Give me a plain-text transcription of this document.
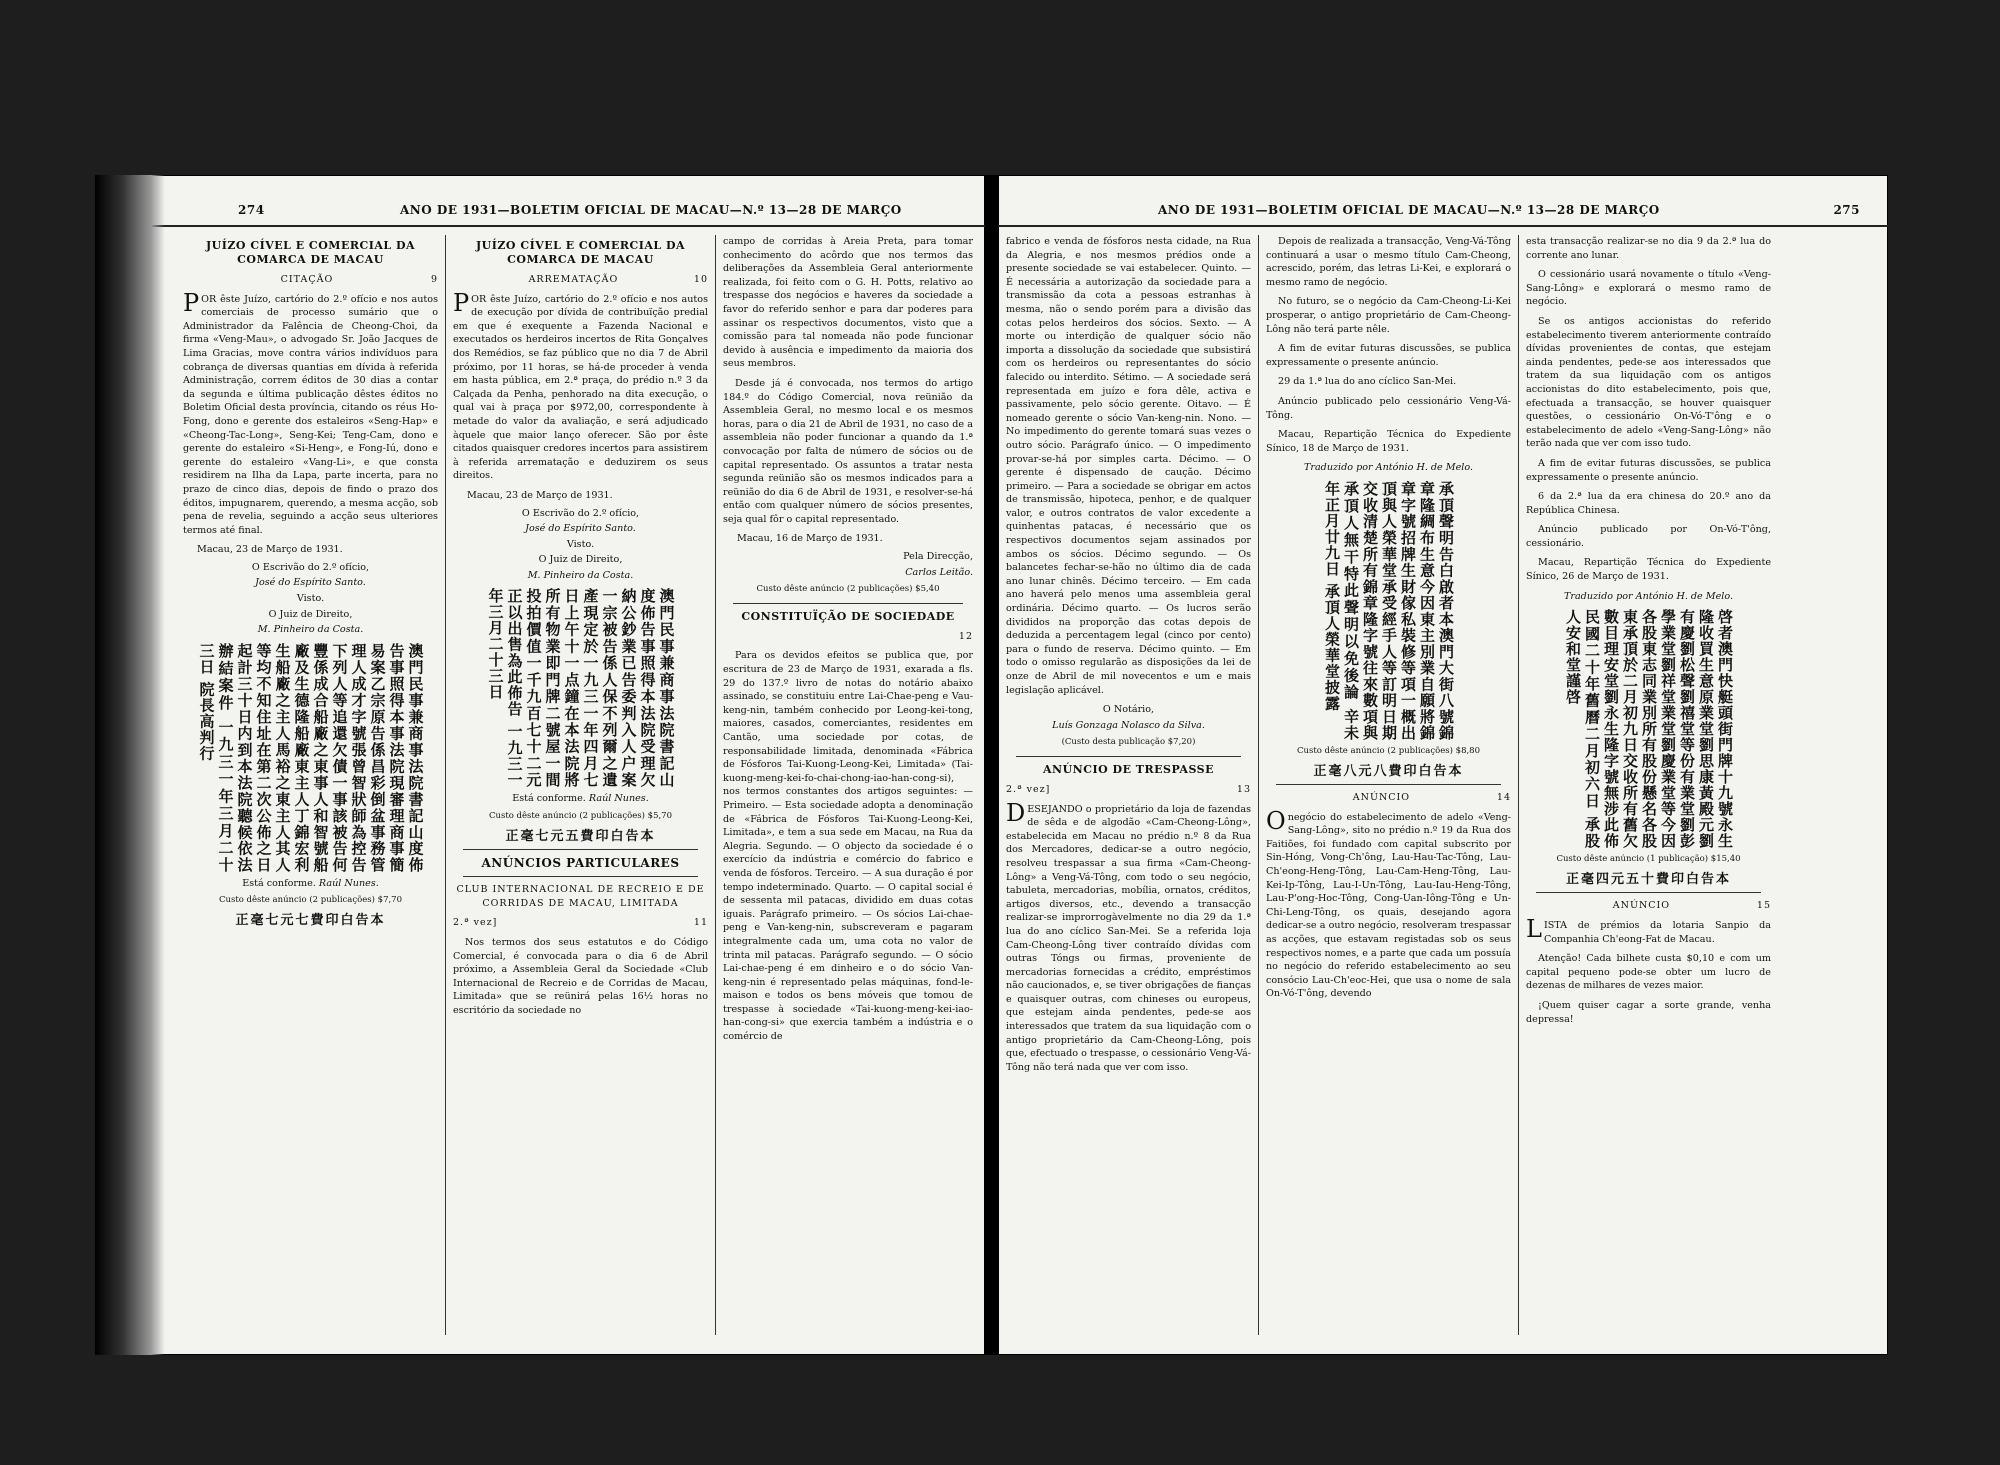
274	ANO DE 1931—BOLETIM OFICIAL DE MACAU—N.º 13—28 DE MARÇO
JUÍZO CÍVEL E COMERCIAL DA COMARCA DE MACAU
CITAÇÃO	9

POR êste Juízo, cartório do 2.º ofício e nos autos comerciais de processo sumário que o Administrador da Falência de Cheong-Choi, da firma «Veng-Mau», o advogado Sr. João Jacques de Lima Gracias, move contra vários indivíduos para cobrança de diversas quantias em dívida à referida Administração, correm éditos de 30 dias a contar da segunda e última publicação dêstes éditos no Boletim Oficial desta província, citando os réus Ho-Fong, dono e gerente dos estaleiros «Seng-Hap» e «Cheong-Tac-Long», Seng-Kei; Teng-Cam, dono e gerente do estaleiro «Si-Heng», e Fong-Iú, dono e gerente do estaleiro «Vang-Li», e que consta residirem na Ilha da Lapa, parte incerta, para no prazo de cinco dias, depois de findo o prazo dos éditos, impugnarem, querendo, a mesma acção, sob pena de revelia, seguindo a acção seus ulteriores termos até final.

Macau, 23 de Março de 1931.

O Escrivão do 2.º ofício,

José do Espírito Santo.

Visto.

O Juiz de Direito,

M. Pinheiro da Costa.

澳門民事兼商事法院書記山度佈告事照得本事法院現審理商事簡易案乙宗原告係昌彩倒盆事務管理人成才字號張曾智狀師為控告下列人等追還欠債一事該被告何豐係成合船廠之東事人和智號船廠及生德隆船廠東主人丁錦宏利生船廠之主人馬裕之東主人其人等均不知住址在第二次公佈之日起計三十日内到本法院聽候依法辦結案件 一九三一年三月二十三日 院長高判行

Está conforme. Raúl Nunes.

Custo dêste anúncio (2 publicações) $7,70

正毫七元七費印白告本

JUÍZO CÍVEL E COMERCIAL DA COMARCA DE MACAU
ARREMATAÇÃO	10

POR êste Juízo, cartório do 2.º ofício e nos autos de execução por dívida de contribuïção predial em que é exequente a Fazenda Nacional e executados os herdeiros incertos de Rita Gonçalves dos Remédios, se faz público que no dia 7 de Abril próximo, por 11 horas, se há-de proceder à venda em hasta pública, em 2.ª praça, do prédio n.º 3 da Calçada da Penha, penhorado na dita execução, o qual vai à praça por $972,00, correspondente à metade do valor da avaliação, e será adjudicado àquele que maior lanço oferecer. São por êste citados quaisquer credores incertos para assistirem à referida arrematação e deduzirem os seus direitos.

Macau, 23 de Março de 1931.

O Escrivão do 2.º ofício,

José do Espírito Santo.

Visto.

O Juiz de Direito,

M. Pinheiro da Costa.

澳門民事兼商事法院書記山度佈告事照得本法院受理欠納公鈔業已告委判入人户案一宗被告係人保不列爾之遺產現定於一九三一年四月七日上午十一点鐘在本法院將所有物業即門牌二號屋一間投拍價值一千九百七十二元正以出售為此佈告 一九三一年三月二十三日

Está conforme. Raúl Nunes.

Custo dêste anúncio (2 publicações) $5,70

正毫七元五費印白告本

ANÚNCIOS PARTICULARES
CLUB INTERNACIONAL DE RECREIO E DE CORRIDAS DE MACAU, LIMITADA
2.ª vez]	11

Nos termos dos seus estatutos e do Código Comercial, é convocada para o dia 6 de Abril próximo, a Assembleia Geral da Sociedade «Club Internacional de Recreio e de Corridas de Macau, Limitada» que se reünirá pelas 16½ horas no escritório da sociedade no

campo de corridas à Areia Preta, para tomar conhecimento do acôrdo que nos termos das deliberações da Assembleia Geral anteriormente realizada, foi feito com o G. H. Potts, relativo ao trespasse dos negócios e haveres da sociedade a favor do referido senhor e para dar poderes para assinar os respectivos documentos, visto que a comissão para tal nomeada não pode funcionar devido à ausência e impedimento da maioria dos seus membros.

Desde já é convocada, nos termos do artigo 184.º do Código Comercial, nova reünião da Assembleia Geral, no mesmo local e os mesmos horas, para o dia 21 de Abril de 1931, no caso de a assembleia não poder funcionar a quando da 1.ª convocação por falta de número de sócios ou de capital representado. Os assuntos a tratar nesta segunda reünião são os mesmos indicados para a reünião do dia 6 de Abril de 1931, e resolver-se-há então com qualquer número de sócios presentes, seja qual fôr o capital representado.

Macau, 16 de Março de 1931.

Pela Direcção,

Carlos Leitão.

Custo dêste anúncio (2 publicações) $5,40

CONSTITUÏÇÃO DE SOCIEDADE
12

Para os devidos efeitos se publica que, por escritura de 23 de Março de 1931, exarada a fls. 29 do 137.º livro de notas do notário abaixo assinado, se constituiu entre Lai-Chae-peng e Vau-keng-nin, também conhecido por Leong-kei-tong, maiores, casados, comerciantes, residentes em Cantão, uma sociedade por cotas, de responsabilidade limitada, denominada «Fábrica de Fósforos Tai-Kuong-Leong-Kei, Limitada» (Tai-kuong-meng-kei-fo-chai-chong-iao-han-cong-si), nos termos constantes dos artigos seguintes: — Primeiro. — Esta sociedade adopta a denominação de «Fábrica de Fósforos Tai-Kuong-Leong-Kei, Limitada», e tem a sua sede em Macau, na Rua da Alegria. Segundo. — O objecto da sociedade é o exercício da indústria e comércio do fabrico e venda de fósforos. Terceiro. — A sua duração é por tempo indeterminado. Quarto. — O capital social é de sessenta mil patacas, dividido em duas cotas iguais. Parágrafo primeiro. — Os sócios Lai-chae-peng e Van-keng-nin, subscreveram e pagaram integralmente cada um, uma cota no valor de trinta mil patacas. Parágrafo segundo. — O sócio Lai-chae-peng é em dinheiro e o do sócio Van-keng-nin é representado pelas máquinas, fond-le-maison e todos os bens móveis que tomou de trespasse à sociedade «Tai-kuong-meng-kei-iao-han-cong-si» que exercia também a indústria e o comércio de

ANO DE 1931—BOLETIM OFICIAL DE MACAU—N.º 13—28 DE MARÇO	275

fabrico e venda de fósforos nesta cidade, na Rua da Alegria, e nos mesmos prédios onde a presente sociedade se vai estabelecer. Quinto. — É necessária a autorização da sociedade para a transmissão da cota a pessoas estranhas à mesma, não o sendo porém para a divisão das cotas pelos herdeiros dos sócios. Sexto. — A morte ou interdição de qualquer sócio não importa a dissolução da sociedade que subsistirá com os herdeiros ou representantes do sócio falecido ou interdito. Sétimo. — A sociedade será representada em juízo e fora dêle, activa e passivamente, pelo sócio gerente. Oitavo. — É nomeado gerente o sócio Van-keng-nin. Nono. — No impedimento do gerente tomará suas vezes o outro sócio. Parágrafo único. — O impedimento provar-se-há por simples carta. Décimo. — O gerente é dispensado de caução. Décimo primeiro. — Para a sociedade se obrigar em actos de transmissão, hipoteca, penhor, e de qualquer valor, e outros contratos de valor excedente a quinhentas patacas, é necessário que os respectivos documentos sejam assinados por ambos os sócios. Décimo segundo. — Os balancetes fechar-se-hão no último dia de cada ano lunar chinês. Décimo terceiro. — Em cada ano haverá pelo menos uma assembleia geral ordinária. Décimo quarto. — Os lucros serão divididos na proporção das cotas depois de deduzida a percentagem legal (cinco por cento) para o fundo de reserva. Décimo quinto. — Em todo o omisso regularão as disposições da lei de onze de Abril de mil novecentos e um e mais legislação aplicável.

O Notário,

Luís Gonzaga Nolasco da Silva.

(Custo desta publicação $7,20)

ANÚNCIO DE TRESPASSE
2.ª vez]	13

DESEJANDO o proprietário da loja de fazendas de sêda e de algodão «Cam-Cheong-Lông», estabelecida em Macau no prédio n.º 8 da Rua dos Mercadores, dedicar-se a outro negócio, resolveu trespassar a sua firma «Cam-Cheong-Lông» a Veng-Vá-Tông, com todo o seu negócio, tabuleta, mercadorias, mobília, ornatos, créditos, artigos diversos, etc., devendo a transacção realizar-se improrrogàvelmente no dia 29 da 1.ª lua do ano cíclico San-Mei. Se a referida loja Cam-Cheong-Lông tiver contraído dívidas com outras Tóngs ou firmas, proveniente de mercadorias fornecidas a crédito, empréstimos não caucionados, e, se tiver obrigações de fianças e quaisquer outras, com chineses ou europeus, que estejam ainda pendentes, pede-se aos interessados que tratem da sua liquidação com o antigo proprietário da Cam-Cheong-Lông, pois que, efectuado o trespasse, o cessionário Veng-Vá-Tông não terá nada que ver com isso.

Depois de realizada a transacção, Veng-Vá-Tông continuará a usar o mesmo título Cam-Cheong, acrescido, porém, das letras Li-Kei, e explorará o mesmo ramo de negócio.

No futuro, se o negócio da Cam-Cheong-Li-Kei prosperar, o antigo proprietário de Cam-Cheong-Lông não terá parte nêle.

A fim de evitar futuras discussões, se publica expressamente o presente anúncio.

29 da 1.ª lua do ano cíclico San-Mei.

Anúncio publicado pelo cessionário Veng-Vá-Tông.

Macau, Repartição Técnica do Expediente Sínico, 18 de Março de 1931.

Traduzido por António H. de Melo.

承頂聲明告白啟者本澳門大街八號錦章隆綢布生意今因東主別業自願將錦章字號招牌生財傢私裝修等項一概出頂與人榮華堂承受經手人等訂明日期交收清楚所有錦章隆字號往來數項與承頂人無干特此聲明以免後論 辛未年正月廿九日 承頂人榮華堂披露

Custo dêste anúncio (2 publicações) $8,80

正毫八元八費印白告本

ANÚNCIO	14

Onegócio do estabelecimento de adelo «Veng-Sang-Lông», sito no prédio n.º 19 da Rua dos Faitiões, foi fundado com capital subscrito por Sin-Hóng, Vong-Ch'ông, Lau-Hau-Tac-Tông, Lau-Ch'eong-Heng-Tông, Lau-Cam-Heng-Tông, Lau-Kei-Ip-Tông, Lau-I-Un-Tông, Lau-Iau-Heng-Tông, Lau-P'ong-Hoc-Tông, Cong-Uan-Iông-Tông e Un-Chi-Leng-Tông, os quais, desejando agora dedicar-se a outro negócio, resolveram trespassar as acções, que estavam registadas sob os seus respectivos nomes, e a parte que cada um possuía no negócio do referido estabelecimento ao seu consócio Lau-Ch'eoc-Hei, que usa o nome de sala On-Vó-T'ông, devendo

esta transacção realizar-se no dia 9 da 2.ª lua do corrente ano lunar.

O cessionário usará novamente o título «Veng-Sang-Lông» e explorará o mesmo ramo de negócio.

Se os antigos accionistas do referido estabelecimento tiverem anteriormente contraído dívidas provenientes de contas, que estejam ainda pendentes, pede-se aos interessados que tratem da sua liquidação com os antigos accionistas do dito estabelecimento, pois que, efectuada a transacção, se houver quaisquer questões, o cessionário On-Vó-T'ông e o estabelecimento de adelo «Veng-Sang-Lông» não terão nada que ver com isso tudo.

A fim de evitar futuras discussões, se publica expressamente o presente anúncio.

6 da 2.ª lua da era chinesa do 20.º ano da República Chinesa.

Anúncio publicado por On-Vó-T'ông, cessionário.

Macau, Repartição Técnica do Expediente Sínico, 26 de Março de 1931.

Traduzido por António H. de Melo.

啓者澳門快艇頭街門牌十九號永生隆收買生意原業堂劉思康黃殿元劉有慶劉松聲劉禧堂等份有業堂劉彭學業堂劉祥堂業堂劉慶業堂等今因各股東志同業別所有股份懸名各股東承頂於二月初九日交收所有舊欠數目理安堂劉永生隆字號無涉此佈 民國二十年舊曆二月初六日 承股人安和堂謹啓

Custo dêste anúncio (1 publicação) $15,40

正毫四元五十費印白告本

ANÚNCIO	15

LISTA de prémios da lotaria Sanpio da Companhia Ch'eong-Fat de Macau.

Atenção! Cada bilhete custa $0,10 e com um capital pequeno pode-se obter um lucro de dezenas de milhares de vezes maior.

¡Quem quiser cagar a sorte grande, venha depressa!
